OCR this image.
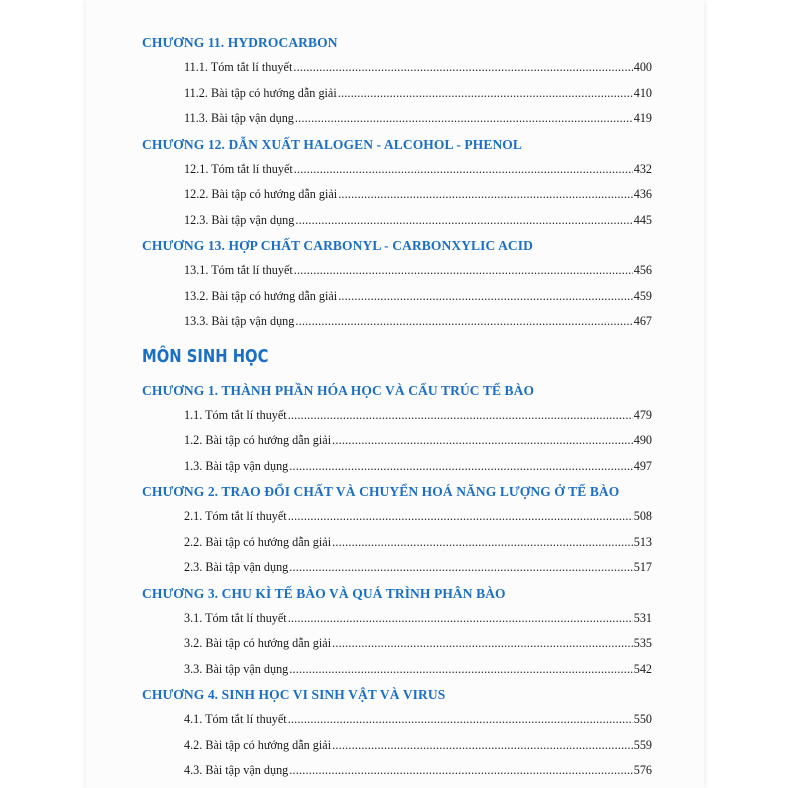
CHƯƠNG 11. HYDROCARBON
11.1. Tóm tắt lí thuyết .....	400
11.2. Bài tập có hướng dẫn giải .....	410
11.3. Bài tập vận dụng .....	419
CHƯƠNG 12. DẪN XUẤT HALOGEN - ALCOHOL - PHENOL
12.1. Tóm tắt lí thuyết .....	432
12.2. Bài tập có hướng dẫn giải .....	436
12.3. Bài tập vận dụng .....	445
CHƯƠNG 13. HỢP CHẤT CARBONYL - CARBONXYLIC ACID
13.1. Tóm tắt lí thuyết .....	456
13.2. Bài tập có hướng dẫn giải .....	459
13.3. Bài tập vận dụng .....	467
MÔN SINH HỌC
CHƯƠNG 1. THÀNH PHẦN HÓA HỌC VÀ CẤU TRÚC TẾ BÀO
1.1. Tóm tắt lí thuyết .....	479
1.2. Bài tập có hướng dẫn giải .....	490
1.3. Bài tập vận dụng .....	497
CHƯƠNG 2. TRAO ĐỔI CHẤT VÀ CHUYỂN HOÁ NĂNG LƯỢNG Ở TẾ BÀO
2.1. Tóm tắt lí thuyết .....	508
2.2. Bài tập có hướng dẫn giải .....	513
2.3. Bài tập vận dụng .....	517
CHƯƠNG 3. CHU KÌ TẾ BÀO VÀ QUÁ TRÌNH PHÂN BÀO
3.1. Tóm tắt lí thuyết .....	531
3.2. Bài tập có hướng dẫn giải .....	535
3.3. Bài tập vận dụng .....	542
CHƯƠNG 4. SINH HỌC VI SINH VẬT VÀ VIRUS
4.1. Tóm tắt lí thuyết .....	550
4.2. Bài tập có hướng dẫn giải .....	559
4.3. Bài tập vận dụng .....	576
